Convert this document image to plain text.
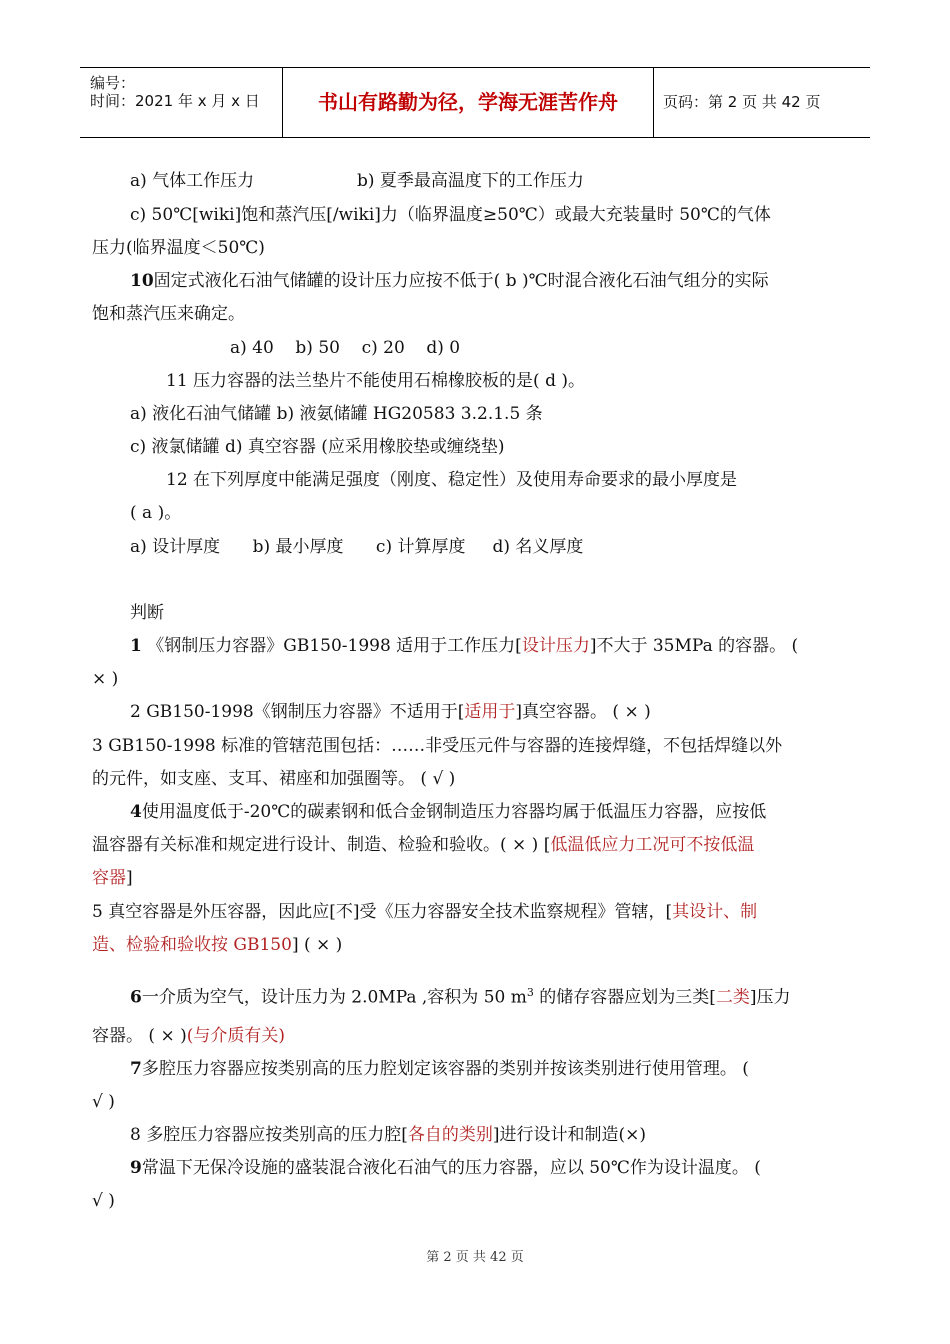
编号：
时间：2021 年 x 月 x 日	书山有路勤为径，学海无涯苦作舟	页码：第 2 页 共 42 页
a) 气体工作压力	b) 夏季最高温度下的工作压力
c) 50℃[wiki]饱和蒸汽压[/wiki]力（临界温度≥50℃）或最大充装量时 50℃的气体
压力(临界温度＜50℃)
10固定式液化石油气储罐的设计压力应按不低于( b )℃时混合液化石油气组分的实际
饱和蒸汽压来确定。
a) 40    b) 50    c) 20    d) 0
11 压力容器的法兰垫片不能使用石棉橡胶板的是( d )。
a) 液化石油气储罐 b) 液氨储罐 HG20583 3.2.1.5 条
c) 液氯储罐 d) 真空容器 (应采用橡胶垫或缠绕垫)
12 在下列厚度中能满足强度（刚度、稳定性）及使用寿命要求的最小厚度是
( a )。
a) 设计厚度      b) 最小厚度      c) 计算厚度     d) 名义厚度
判断
1 《钢制压力容器》GB150-1998 适用于工作压力[设计压力]不大于 35MPa 的容器。 (
× )
2 GB150-1998《钢制压力容器》不适用于[适用于]真空容器。 ( × )
3 GB150-1998 标准的管辖范围包括：……非受压元件与容器的连接焊缝，不包括焊缝以外
的元件，如支座、支耳、裙座和加强圈等。 ( √ )
4使用温度低于-20℃的碳素钢和低合金钢制造压力容器均属于低温压力容器，应按低
温容器有关标准和规定进行设计、制造、检验和验收。( × ) [低温低应力工况可不按低温
容器]
5 真空容器是外压容器，因此应[不]受《压力容器安全技术监察规程》管辖，[其设计、制
造、检验和验收按 GB150] ( × )
6一介质为空气，设计压力为 2.0MPa ,容积为 50 $m^3$ 的储存容器应划为三类[二类]压力
容器。 ( × )(与介质有关)
7多腔压力容器应按类别高的压力腔划定该容器的类别并按该类别进行使用管理。 (
√ )
8 多腔压力容器应按类别高的压力腔[各自的类别]进行设计和制造(×)
9常温下无保冷设施的盛装混合液化石油气的压力容器，应以 50℃作为设计温度。 (
√ )
第 2 页 共 42 页
